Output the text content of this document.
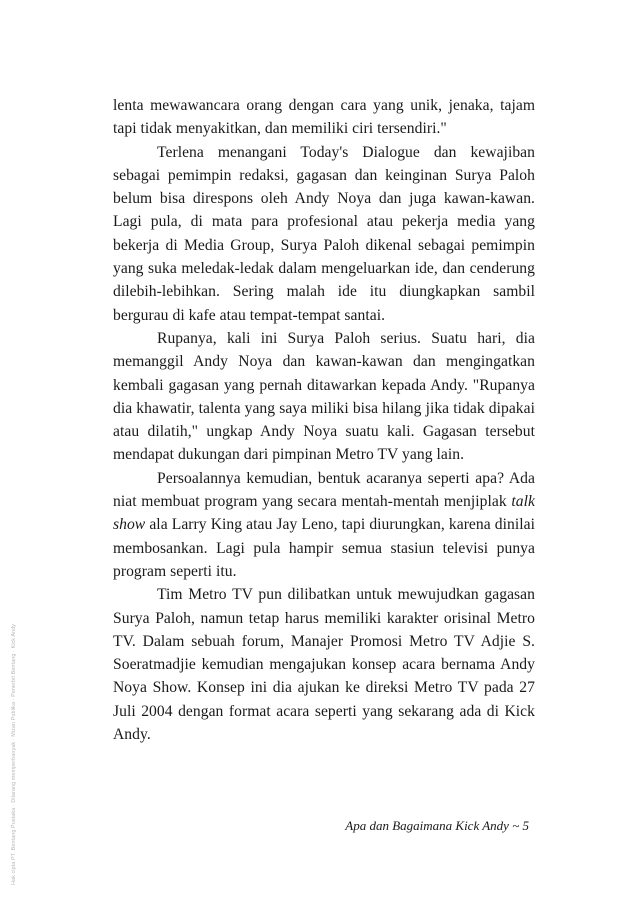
lenta mewawancara orang dengan cara yang unik, jenaka, tajam tapi tidak menyakitkan, dan memiliki ciri tersendiri."

Terlena menangani Today's Dialogue dan kewajiban sebagai pemimpin redaksi, gagasan dan keinginan Surya Paloh belum bisa direspons oleh Andy Noya dan juga kawan-kawan. Lagi pula, di mata para profesional atau pekerja media yang bekerja di Media Group, Surya Paloh dikenal sebagai pemimpin yang suka meledak-ledak dalam mengeluarkan ide, dan cenderung dilebih-lebihkan. Sering malah ide itu diungkapkan sambil bergurau di kafe atau tempat-tempat santai.

Rupanya, kali ini Surya Paloh serius. Suatu hari, dia memanggil Andy Noya dan kawan-kawan dan mengingatkan kembali gagasan yang pernah ditawarkan kepada Andy. "Rupanya dia khawatir, talenta yang saya miliki bisa hilang jika tidak dipakai atau dilatih," ungkap Andy Noya suatu kali. Gagasan tersebut mendapat dukungan dari pimpinan Metro TV yang lain.

Persoalannya kemudian, bentuk acaranya seperti apa? Ada niat membuat program yang secara mentah-mentah menjiplak talk show ala Larry King atau Jay Leno, tapi diurungkan, karena dinilai membosankan. Lagi pula hampir semua stasiun televisi punya program seperti itu.

Tim Metro TV pun dilibatkan untuk mewujudkan gagasan Surya Paloh, namun tetap harus memiliki karakter orisinal Metro TV. Dalam sebuah forum, Manajer Promosi Metro TV Adjie S. Soeratmadjie kemudian mengajukan konsep acara bernama Andy Noya Show. Konsep ini dia ajukan ke direksi Metro TV pada 27 Juli 2004 dengan format acara seperti yang sekarang ada di Kick Andy.

Apa dan Bagaimana Kick Andy ~ 5
Hak cipta PT. Bentang Pustaka · Dilarang memperbanyak · Mizan Publika · Penerbit Bentang · Kick Andy
